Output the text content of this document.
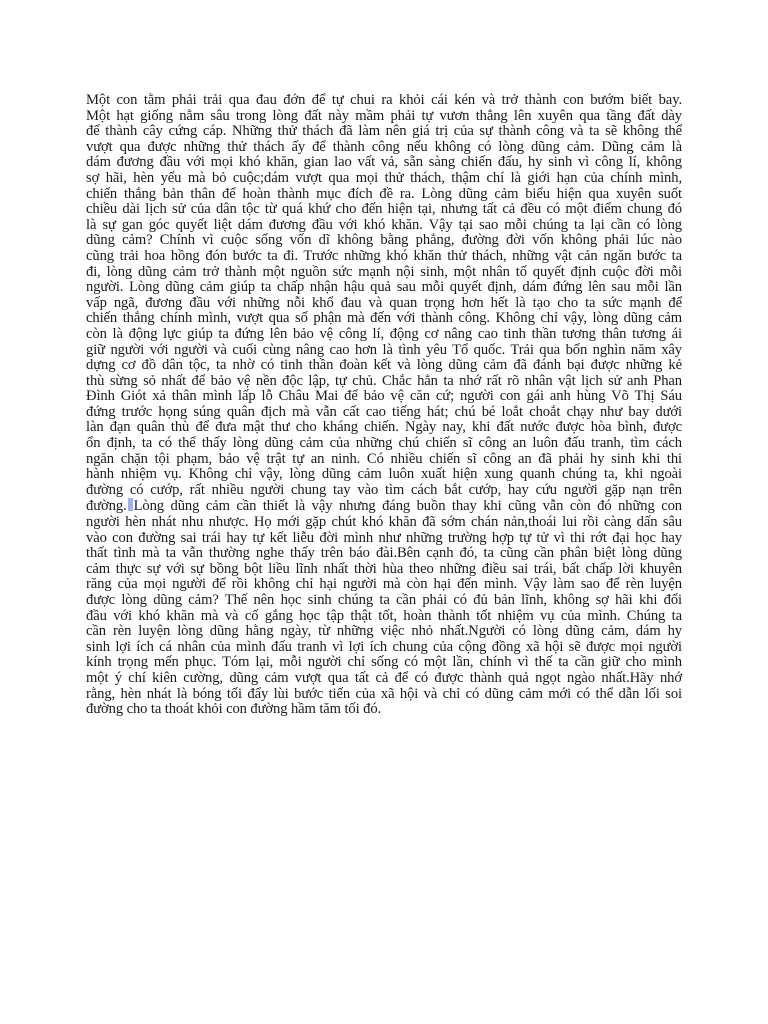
Một con tằm phải trải qua đau đớn để tự chui ra khỏi cái kén và trở thành con bướm biết bay.
Một hạt giống nằm sâu trong lòng đất này mầm phải tự vươn thẳng lên xuyên qua tầng đất dày
để thành cây cứng cáp. Những thử thách đã làm nên giá trị của sự thành công và ta sẽ không thể
vượt qua được những thử thách ấy để thành công nếu không có lòng dũng cảm. Dũng cảm là
dám đương đầu với mọi khó khăn, gian lao vất vả, sẵn sàng chiến đấu, hy sinh vì công lí, không
sợ hãi, hèn yếu mà bỏ cuộc;dám vượt qua mọi thử thách, thậm chí là giới hạn của chính mình,
chiến thắng bản thân để hoàn thành mục đích đề ra. Lòng dũng cảm biểu hiện qua xuyên suốt
chiều dài lịch sử của dân tộc từ quá khứ cho đến hiện tại, nhưng tất cả đều có một điểm chung đó
là sự gan góc quyết liệt dám đương đầu với khó khăn. Vậy tại sao mỗi chúng ta lại cần có lòng
dũng cảm? Chính vì cuộc sống vốn dĩ không bằng phẳng, đường đời vốn không phải lúc nào
cũng trải hoa hồng đón bước ta đi. Trước những khó khăn thử thách, những vật cản ngăn bước ta
đi, lòng dũng cảm trở thành một nguồn sức mạnh nội sinh, một nhân tố quyết định cuộc đời mỗi
người. Lòng dũng cảm giúp ta chấp nhận hậu quả sau mỗi quyết định, dám đứng lên sau mỗi lần
vấp ngã, đương đầu với những nỗi khổ đau và quan trọng hơn hết là tạo cho ta sức mạnh để
chiến thắng chính mình, vượt qua số phận mà đến với thành công. Không chỉ vậy, lòng dũng cảm
còn là động lực giúp ta đứng lên bảo vệ công lí, động cơ nâng cao tinh thần tương thân tương ái
giữ người với người và cuối cùng nâng cao hơn là tình yêu Tổ quốc. Trải qua bốn nghìn năm xây
dựng cơ đồ dân tộc, ta nhờ có tinh thần đoàn kết và lòng dũng cảm đã đánh bại được những kẻ
thù sừng sỏ nhất để bảo vệ nền độc lập, tự chủ. Chắc hẳn ta nhớ rất rõ nhân vật lịch sử anh Phan
Đình Giót xả thân mình lấp lỗ Châu Mai để bảo vệ căn cứ; người con gái anh hùng Võ Thị Sáu
đứng trước họng súng quân địch mà vẫn cất cao tiếng hát; chú bé loắt choắt chạy như bay dưới
làn đạn quân thù để đưa mật thư cho kháng chiến. Ngày nay, khi đất nước được hòa bình, được
ổn định, ta có thể thấy lòng dũng cảm của những chú chiến sĩ công an luôn đấu tranh, tìm cách
ngăn chặn tội phạm, bảo vệ trật tự an ninh. Có nhiều chiến sĩ công an đã phải hy sinh khi thi
hành nhiệm vụ. Không chỉ vậy, lòng dũng cảm luôn xuất hiện xung quanh chúng ta, khi ngoài
đường có cướp, rất nhiều người chung tay vào tìm cách bắt cướp, hay cứu người gặp nạn trên
đường. Lòng dũng cảm cần thiết là vậy nhưng đáng buồn thay khi cũng vẫn còn đó những con
người hèn nhát nhu nhược. Họ mới gặp chút khó khăn đã sớm chán nản,thoái lui rồi càng dấn sâu
vào con đường sai trái hay tự kết liễu đời mình như những trường hợp tự tử vì thi rớt đại học hay
thất tình mà ta vẫn thường nghe thấy trên báo đài.Bên cạnh đó, ta cũng cần phân biệt lòng dũng
cảm thực sự với sự bồng bột liều lĩnh nhất thời hùa theo những điều sai trái, bất chấp lời khuyên
răng của mọi người để rồi không chỉ hại người mà còn hại đến mình. Vậy làm sao để rèn luyện
được lòng dũng cảm? Thế nên học sinh chúng ta cần phải có đủ bản lĩnh, không sợ hãi khi đối
đầu với khó khăn mà và cố gắng học tập thật tốt, hoàn thành tốt nhiệm vụ của mình. Chúng ta
cần rèn luyện lòng dũng hằng ngày, từ những việc nhỏ nhất.Người có lòng dũng cảm, dám hy
sinh lợi ích cá nhân của mình đấu tranh vì lợi ích chung của cộng đồng xã hội sẽ được mọi người
kính trọng mến phục. Tóm lại, mỗi người chỉ sống có một lần, chính vì thế ta cần giữ cho mình
một ý chí kiên cường, dũng cảm vượt qua tất cả để có được thành quả ngọt ngào nhất.Hãy nhớ
rằng, hèn nhát là bóng tối đẩy lùi bước tiến của xã hội và chỉ có dũng cảm mới có thể dẫn lối soi
đường cho ta thoát khỏi con đường hầm tăm tối đó.
